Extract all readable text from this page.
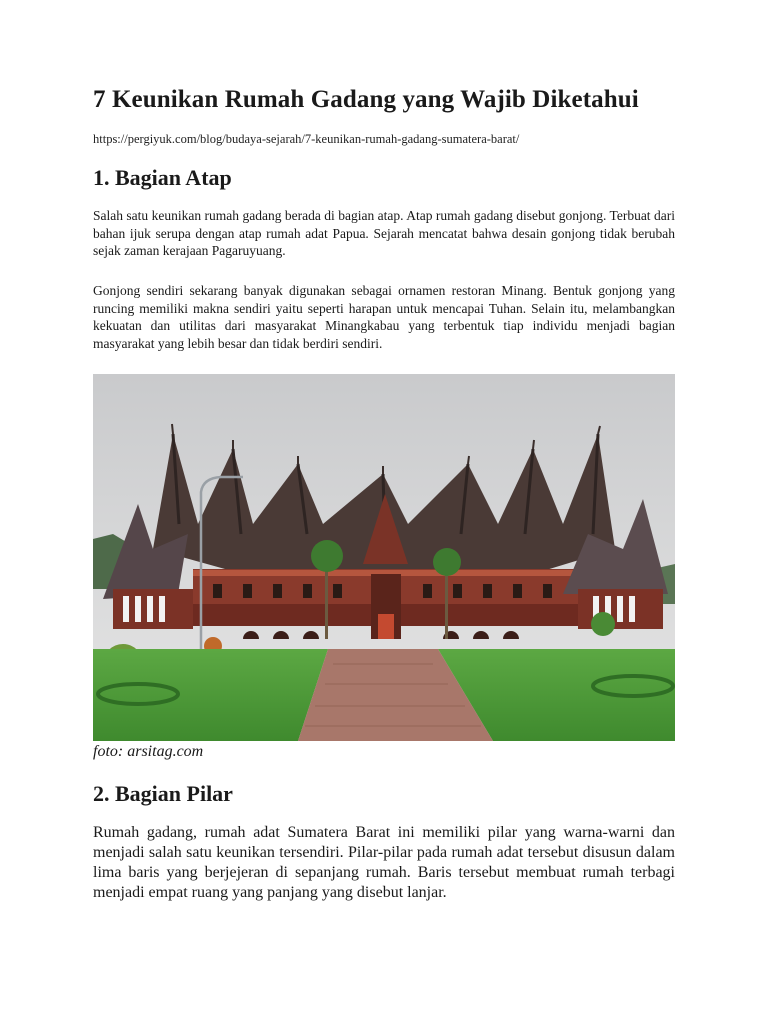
7 Keunikan Rumah Gadang yang Wajib Diketahui

https://pergiyuk.com/blog/budaya-sejarah/7-keunikan-rumah-gadang-sumatera-barat/

1. Bagian Atap

Salah satu keunikan rumah gadang berada di bagian atap. Atap rumah gadang disebut gonjong. Terbuat dari bahan ijuk serupa dengan atap rumah adat Papua. Sejarah mencatat bahwa desain gonjong tidak berubah sejak zaman kerajaan Pagaruyuang.

Gonjong sendiri sekarang banyak digunakan sebagai ornamen restoran Minang. Bentuk gonjong yang runcing memiliki makna sendiri yaitu seperti harapan untuk mencapai Tuhan. Selain itu, melambangkan kekuatan dan utilitas dari masyarakat Minangkabau yang terbentuk tiap individu menjadi bagian masyarakat yang lebih besar dan tidak berdiri sendiri.

foto: arsitag.com

2. Bagian Pilar

Rumah gadang, rumah adat Sumatera Barat ini memiliki pilar yang warna-warni dan menjadi salah satu keunikan tersendiri. Pilar-pilar pada rumah adat tersebut disusun dalam lima baris yang berjejeran di sepanjang rumah. Baris tersebut membuat rumah terbagi menjadi empat ruang yang panjang yang disebut lanjar.
